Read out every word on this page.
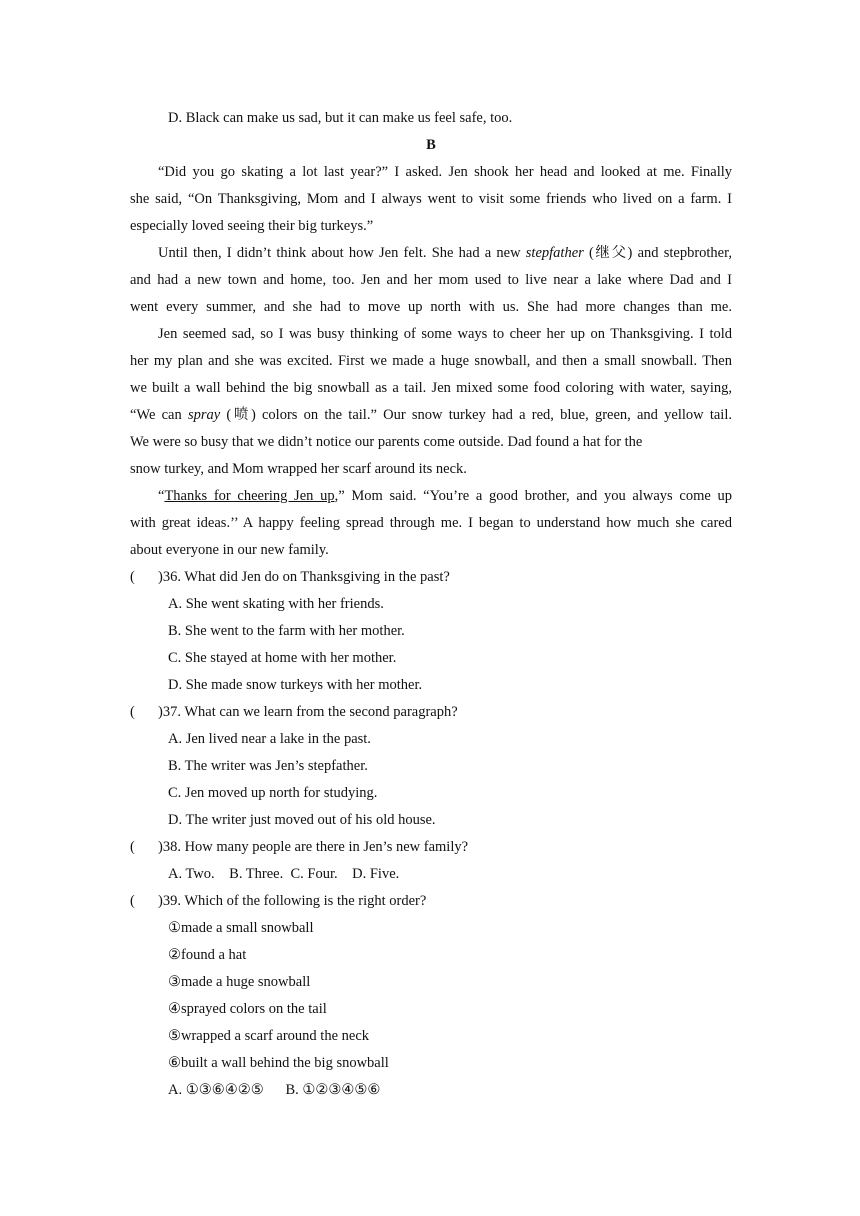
D. Black can make us sad, but it can make us feel safe, too.
B
“Did you go skating a lot last year?” I asked. Jen shook her head and looked at me. Finally
she said, “On Thanksgiving, Mom and I always went to visit some friends who lived on a farm. I
especially loved seeing their big turkeys.”
Until then, I didn’t think about how Jen felt. She had a new stepfather (继父) and stepbrother,
and had a new town and home, too. Jen and her mom used to live near a lake where Dad and I
went every summer, and she had to move up north with us. She had more changes than me.
Jen seemed sad, so I was busy thinking of some ways to cheer her up on Thanksgiving. I told
her my plan and she was excited. First we made a huge snowball, and then a small snowball. Then
we built a wall behind the big snowball as a tail. Jen mixed some food coloring with water, saying,
“We can spray (喷) colors on the tail.” Our snow turkey had a red, blue, green, and yellow tail.
We were so busy that we didn’t notice our parents come outside. Dad found a hat for the
snow turkey, and Mom wrapped her scarf around its neck.
“Thanks for cheering Jen up,” Mom said. “You’re a good brother, and you always come up
with great ideas.’’ A happy feeling spread through me. I began to understand how much she cared
about everyone in our new family.
( )36. What did Jen do on Thanksgiving in the past?
A. She went skating with her friends.
B. She went to the farm with her mother.
C. She stayed at home with her mother.
D. She made snow turkeys with her mother.
( )37. What can we learn from the second paragraph?
A. Jen lived near a lake in the past.
B. The writer was Jen’s stepfather.
C. Jen moved up north for studying.
D. The writer just moved out of his old house.
( )38. How many people are there in Jen’s new family?
A. Two.    B. Three.  C. Four.    D. Five.
( )39. Which of the following is the right order?
①made a small snowball
②found a hat
③made a huge snowball
④sprayed colors on the tail
⑤wrapped a scarf around the neck
⑥built a wall behind the big snowball
A. ①③⑥④②⑤      B. ①②③④⑤⑥
